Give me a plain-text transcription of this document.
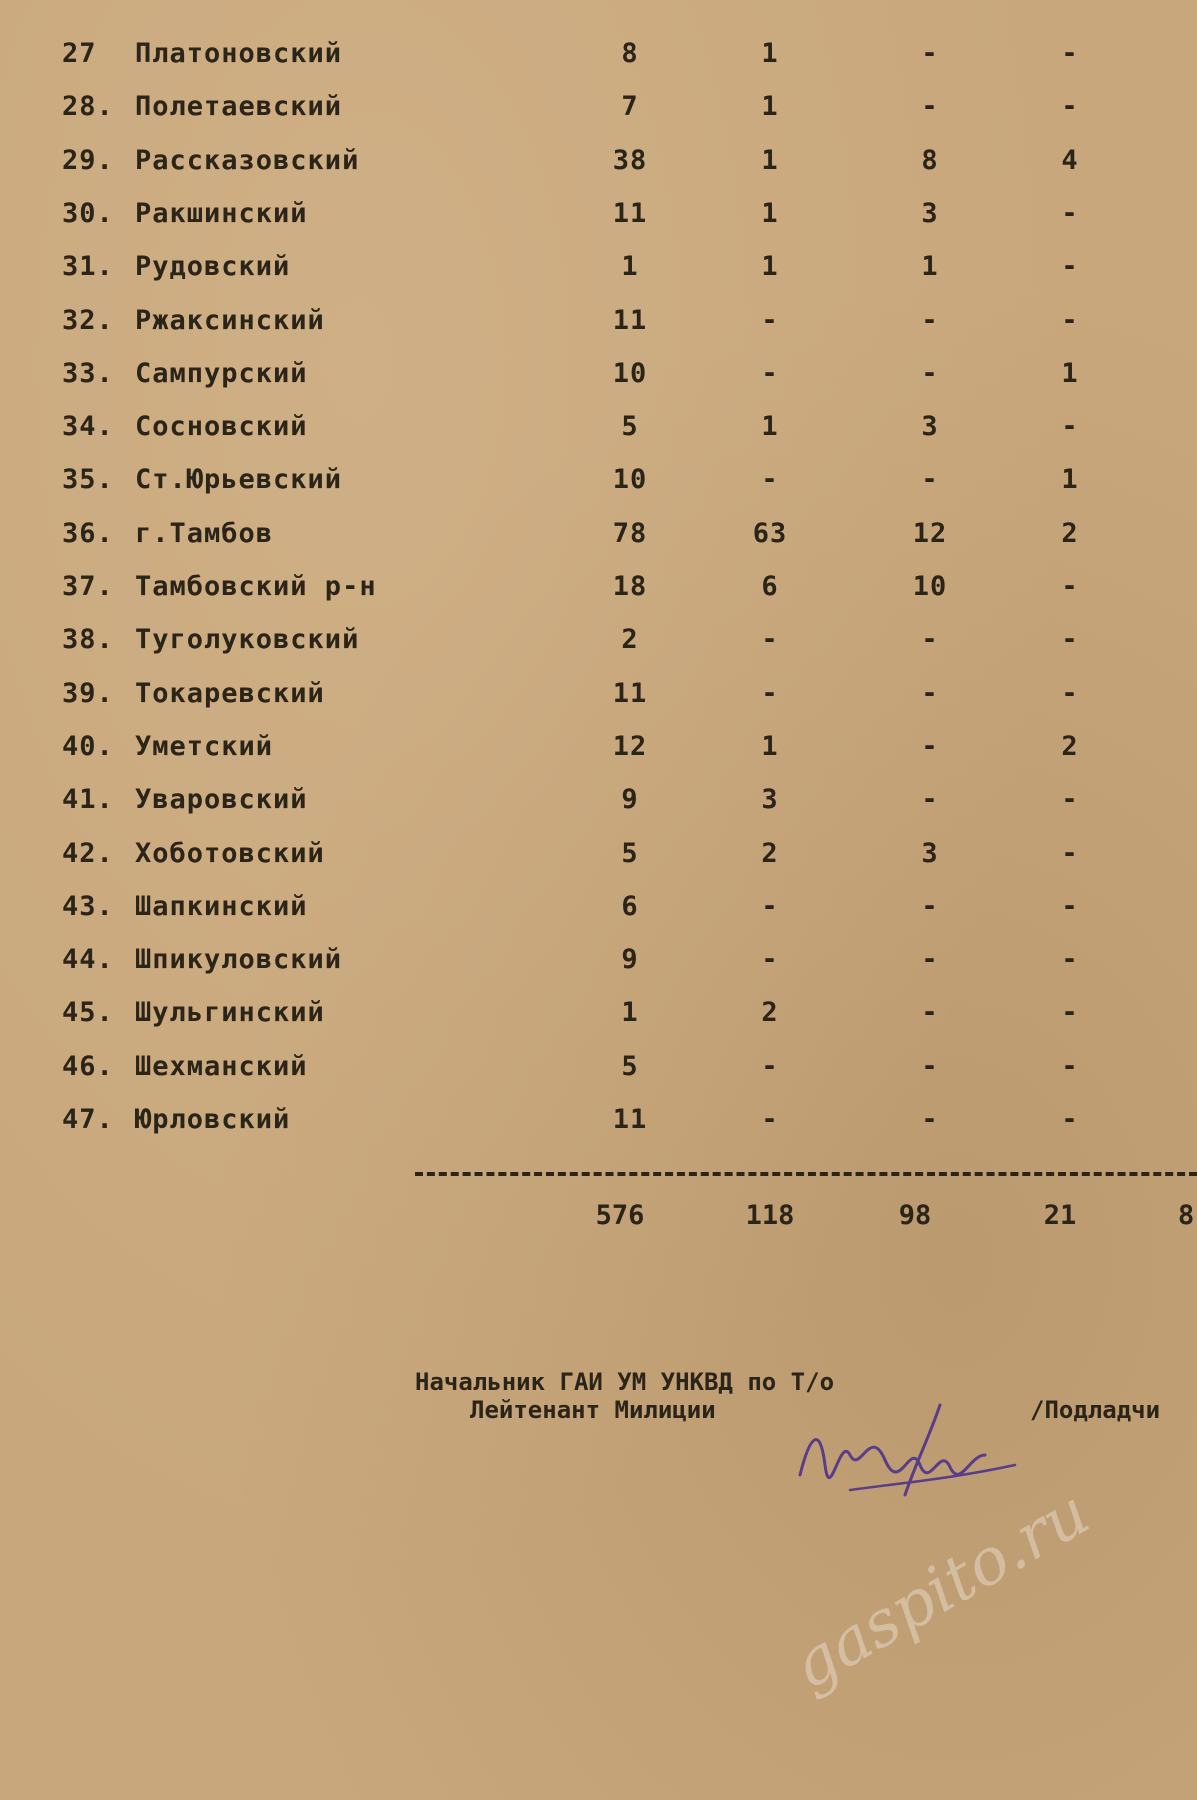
27 Платоновский	8	1	-	-
28. Полетаевский	7	1	-	-
29. Рассказовский	38	1	8	4
30. Ракшинский	11	1	3	-
31. Рудовский	1	1	1	-
32. Ржаксинский	11	-	-	-
33. Сампурский	10	-	-	1
34. Сосновский	5	1	3	-
35. Ст.Юрьевский	10	-	-	1
36. г.Тамбов	78	63	12	2
37. Тамбовский р-н	18	6	10	-
38. Туголуковский	2	-	-	-
39. Токаревский	11	-	-	-
40. Уметский	12	1	-	2
41. Уваровский	9	3	-	-
42. Хоботовский	5	2	3	-
43. Шапкинский	6	-	-	-
44. Шпикуловский	9	-	-	-
45. Шульгинский	1	2	-	-
46. Шехманский	5	-	-	-
47. Юрловский	11	-	-	-
576	118	98	21	8
Начальник ГАИ УМ УНКВД по Т/о
Лейтенант Милиции	/Подладчи
gaspito.ru
